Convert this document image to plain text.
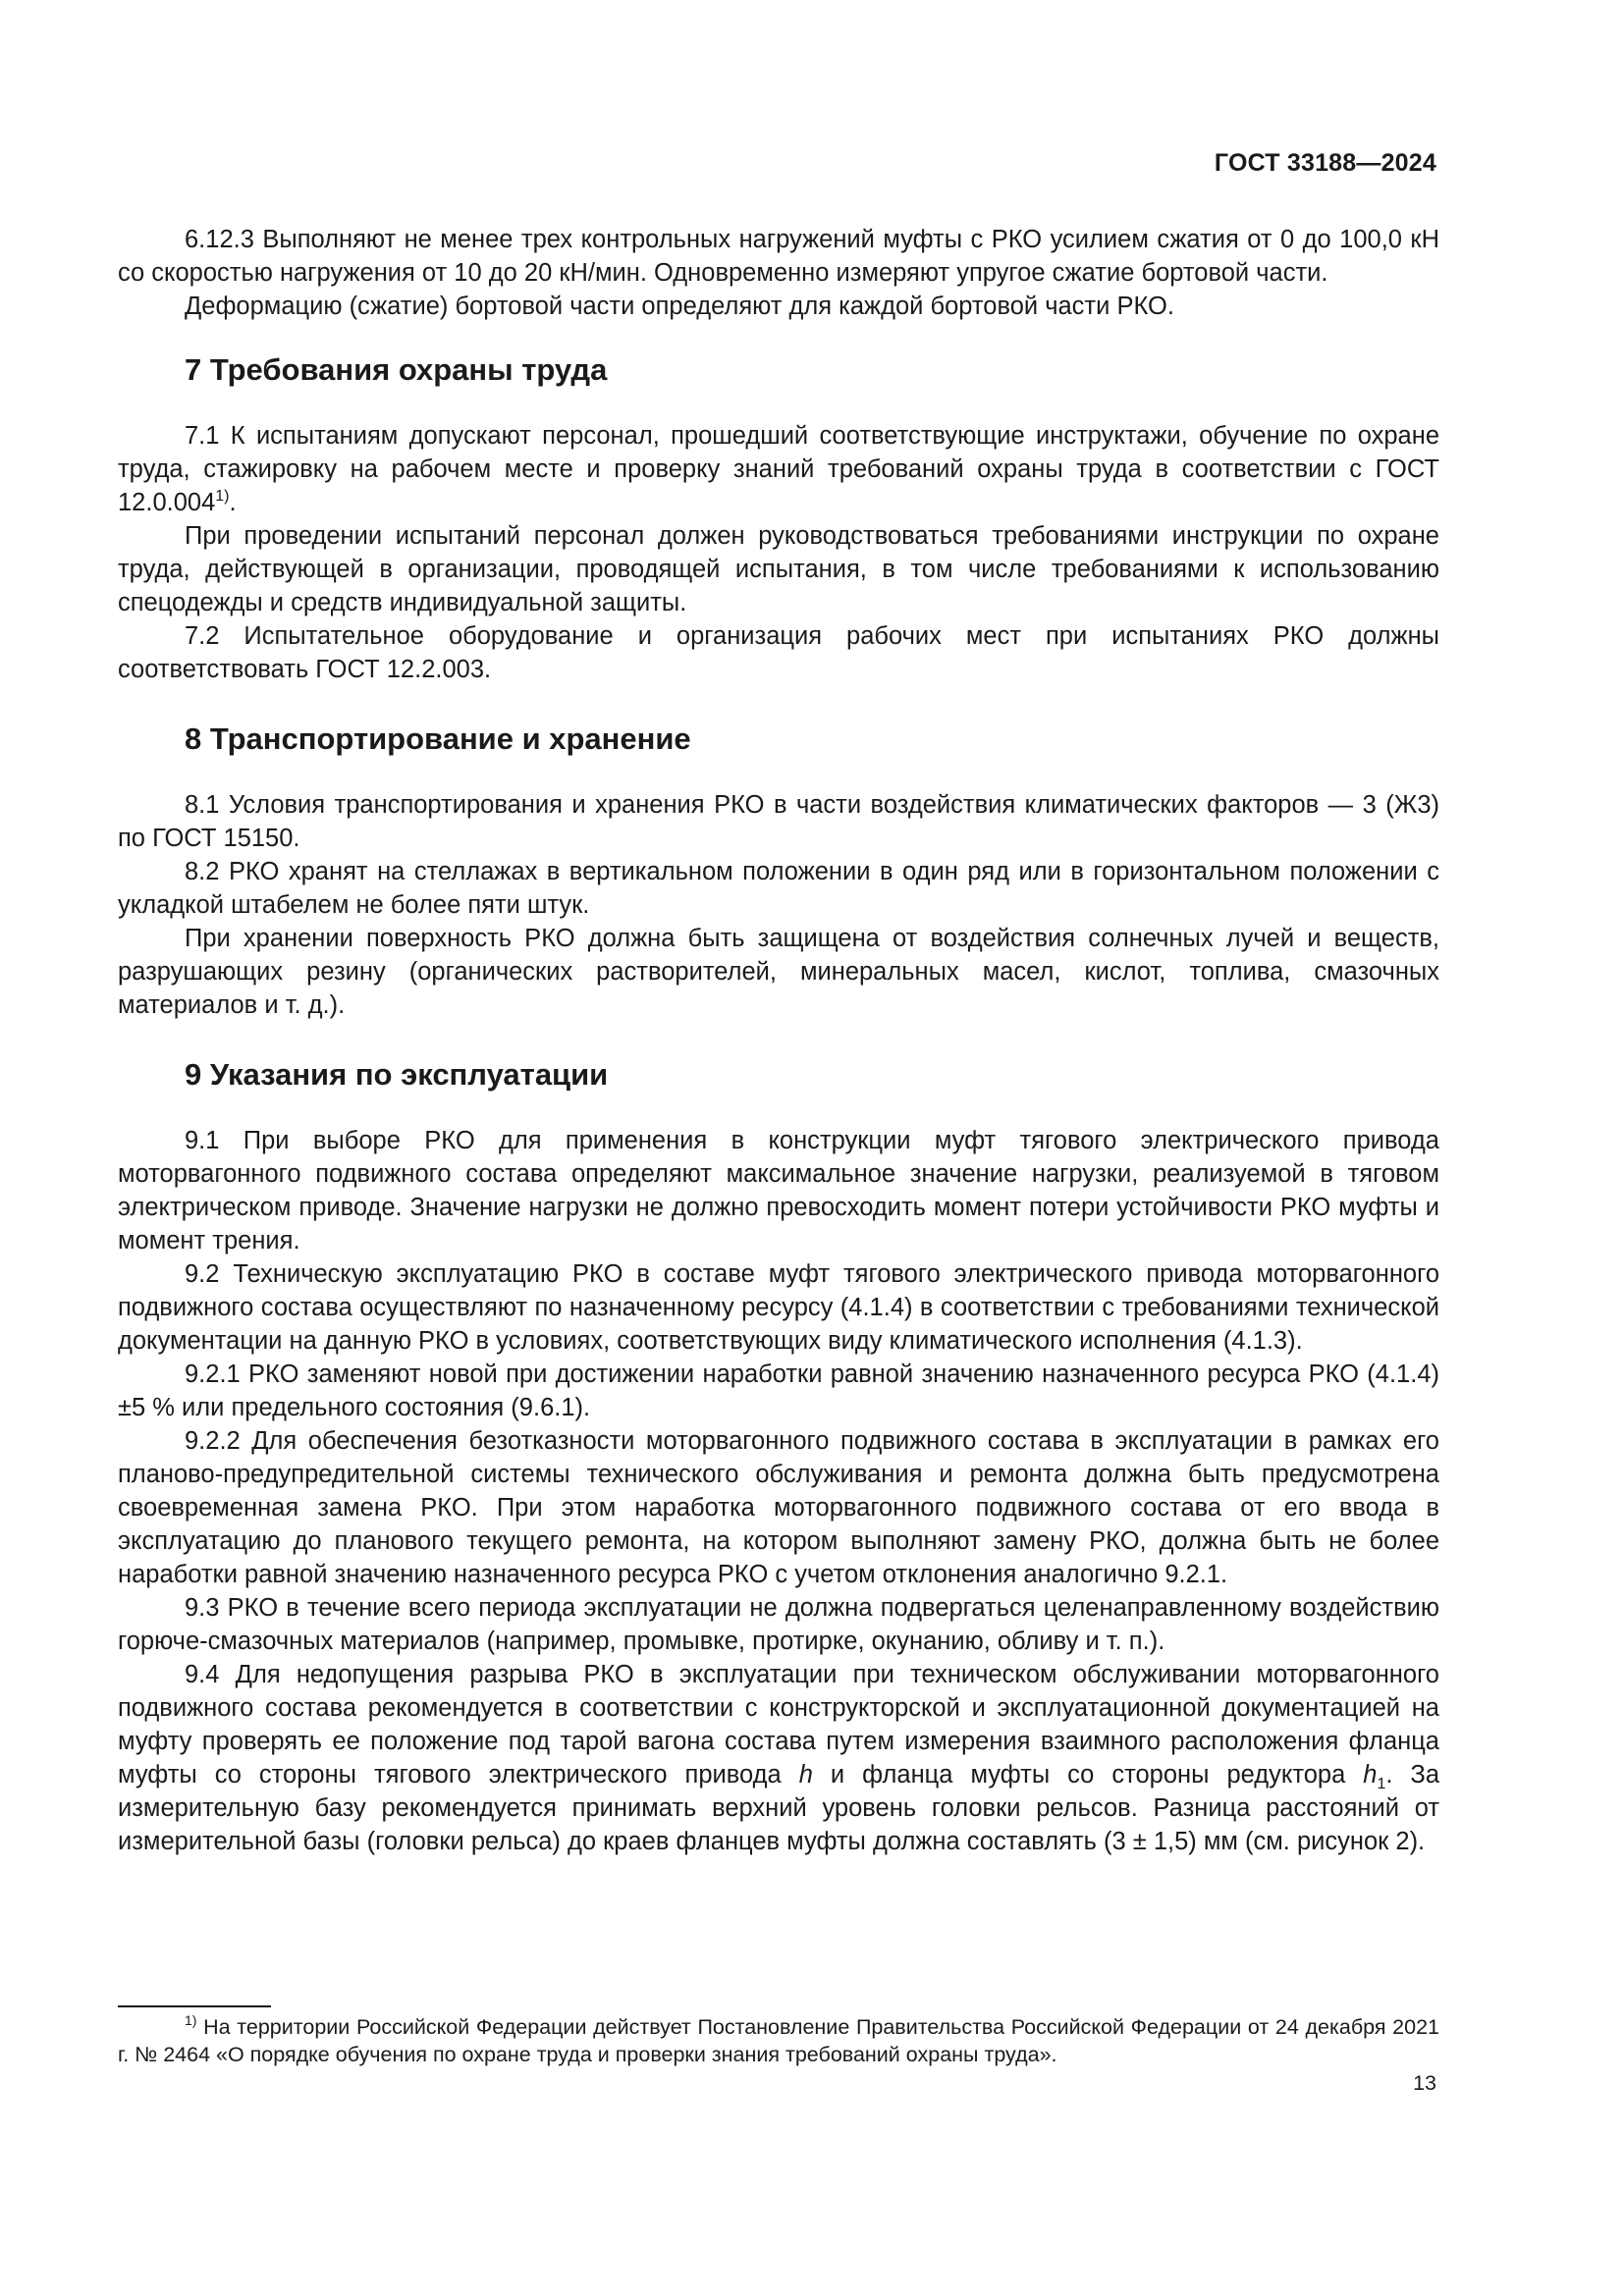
ГОСТ 33188—2024

6.12.3 Выполняют не менее трех контрольных нагружений муфты с РКО усилием сжатия от 0 до 100,0 кН со скоростью нагружения от 10 до 20 кН/мин. Одновременно измеряют упругое сжатие бортовой части.

Деформацию (сжатие) бортовой части определяют для каждой бортовой части РКО.

7 Требования охраны труда

7.1 К испытаниям допускают персонал, прошедший соответствующие инструктажи, обучение по охране труда, стажировку на рабочем месте и проверку знаний требований охраны труда в соответствии с ГОСТ 12.0.004$^{1)}$.

При проведении испытаний персонал должен руководствоваться требованиями инструкции по охране труда, действующей в организации, проводящей испытания, в том числе требованиями к использованию спецодежды и средств индивидуальной защиты.

7.2 Испытательное оборудование и организация рабочих мест при испытаниях РКО должны соответствовать ГОСТ 12.2.003.

8 Транспортирование и хранение

8.1 Условия транспортирования и хранения РКО в части воздействия климатических факторов — 3 (Ж3) по ГОСТ 15150.

8.2 РКО хранят на стеллажах в вертикальном положении в один ряд или в горизонтальном положении с укладкой штабелем не более пяти штук.

При хранении поверхность РКО должна быть защищена от воздействия солнечных лучей и веществ, разрушающих резину (органических растворителей, минеральных масел, кислот, топлива, смазочных материалов и т. д.).

9 Указания по эксплуатации

9.1 При выборе РКО для применения в конструкции муфт тягового электрического привода моторвагонного подвижного состава определяют максимальное значение нагрузки, реализуемой в тяговом электрическом приводе. Значение нагрузки не должно превосходить момент потери устойчивости РКО муфты и момент трения.

9.2 Техническую эксплуатацию РКО в составе муфт тягового электрического привода моторвагонного подвижного состава осуществляют по назначенному ресурсу (4.1.4) в соответствии с требованиями технической документации на данную РКО в условиях, соответствующих виду климатического исполнения (4.1.3).

9.2.1 РКО заменяют новой при достижении наработки равной значению назначенного ресурса РКО (4.1.4) ±5 % или предельного состояния (9.6.1).

9.2.2 Для обеспечения безотказности моторвагонного подвижного состава в эксплуатации в рамках его планово-предупредительной системы технического обслуживания и ремонта должна быть предусмотрена своевременная замена РКО. При этом наработка моторвагонного подвижного состава от его ввода в эксплуатацию до планового текущего ремонта, на котором выполняют замену РКО, должна быть не более наработки равной значению назначенного ресурса РКО с учетом отклонения аналогично 9.2.1.

9.3 РКО в течение всего периода эксплуатации не должна подвергаться целенаправленному воздействию горюче-смазочных материалов (например, промывке, протирке, окунанию, обливу и т. п.).

9.4 Для недопущения разрыва РКО в эксплуатации при техническом обслуживании моторвагонного подвижного состава рекомендуется в соответствии с конструкторской и эксплуатационной документацией на муфту проверять ее положение под тарой вагона состава путем измерения взаимного расположения фланца муфты со стороны тягового электрического привода h и фланца муфты со стороны редуктора $h_1$. За измерительную базу рекомендуется принимать верхний уровень головки рельсов. Разница расстояний от измерительной базы (головки рельса) до краев фланцев муфты должна составлять (3 ± 1,5) мм (см. рисунок 2).

$^{1)}$ На территории Российской Федерации действует Постановление Правительства Российской Федерации от 24 декабря 2021 г. № 2464 «О порядке обучения по охране труда и проверки знания требований охраны труда».

13
